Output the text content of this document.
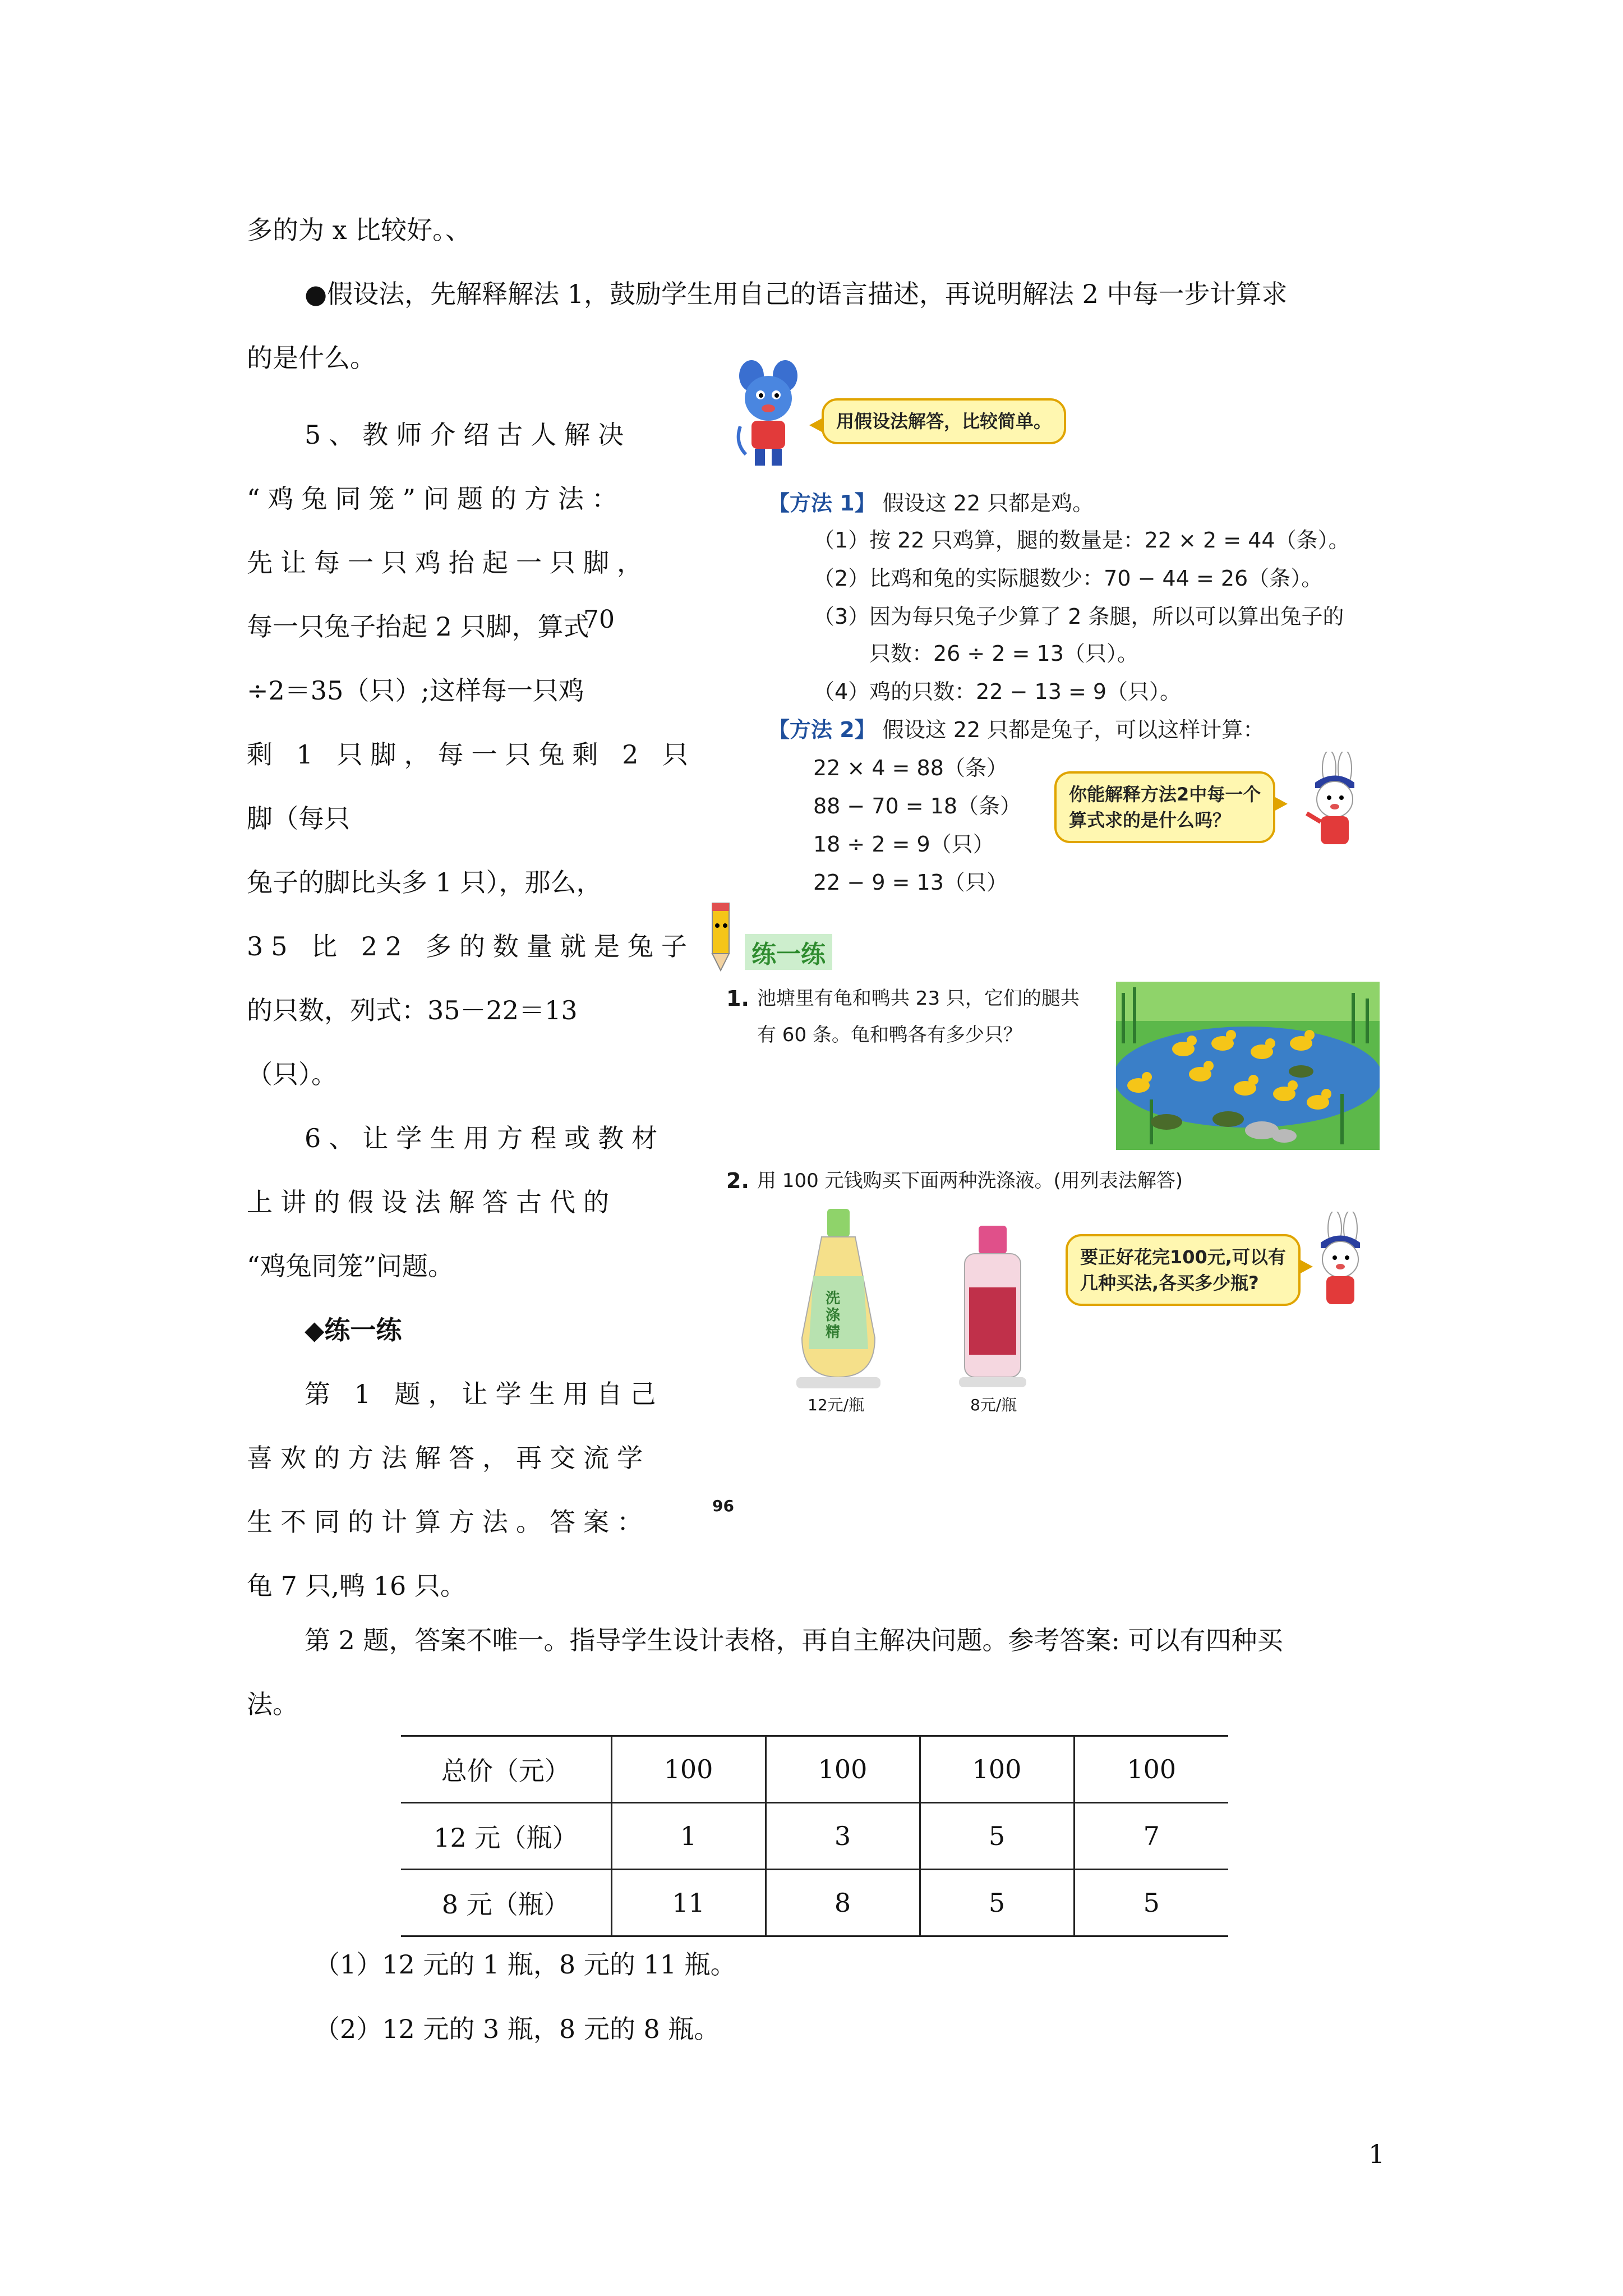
多的为 x 比较好。、
●假设法，先解释解法 1，鼓励学生用自己的语言描述，再说明解法 2 中每一步计算求
的是什么。
5、教师介绍古人解决
“鸡兔同笼”问题的方法：
先让每一只鸡抬起一只脚，
每一只兔子抬起 2 只脚，算式
÷2＝35（只）;这样每一只鸡
剩 1 只脚，每一只兔剩 2 只
脚（每只
兔子的脚比头多 1 只），那么，
35 比 22 多的数量就是兔子
的只数，列式：35－22＝13
（只）。
6、让学生用方程或教材
上讲的假设法解答古代的
“鸡兔同笼”问题。
◆练一练
第 1 题，让学生用自己
喜欢的方法解答，再交流学
生不同的计算方法。答案：
龟 7 只,鸭 16 只。
70
用假设法解答，比较简单。
【方法 1】 假设这 22 只都是鸡。
（1）按 22 只鸡算，腿的数量是：22 × 2 = 44（条）。
（2）比鸡和兔的实际腿数少：70 − 44 = 26（条）。
（3）因为每只兔子少算了 2 条腿，所以可以算出兔子的
只数：26 ÷ 2 = 13（只）。
（4）鸡的只数：22 − 13 = 9（只）。
【方法 2】 假设这 22 只都是兔子，可以这样计算：
22 × 4 = 88（条）
88 − 70 = 18（条）
18 ÷ 2 = 9（只）
22 − 9 = 13（只）
你能解释方法2中每一个
算式求的是什么吗？
练一练
1. 池塘里有龟和鸭共 23 只，它们的腿共
有 60 条。龟和鸭各有多少只？
2. 用 100 元钱购买下面两种洗涤液。(用列表法解答)
洗涤精
12元/瓶	8元/瓶
要正好花完100元,可以有
几种买法,各买多少瓶?
96
第 2 题，答案不唯一。指导学生设计表格，再自主解决问题。参考答案: 可以有四种买
法。
总价（元）	100	100	100	100
12 元（瓶）	1	3	5	7
8 元（瓶）	11	8	5	5
（1）12 元的 1 瓶，8 元的 11 瓶。
（2）12 元的 3 瓶，8 元的 8 瓶。
1
